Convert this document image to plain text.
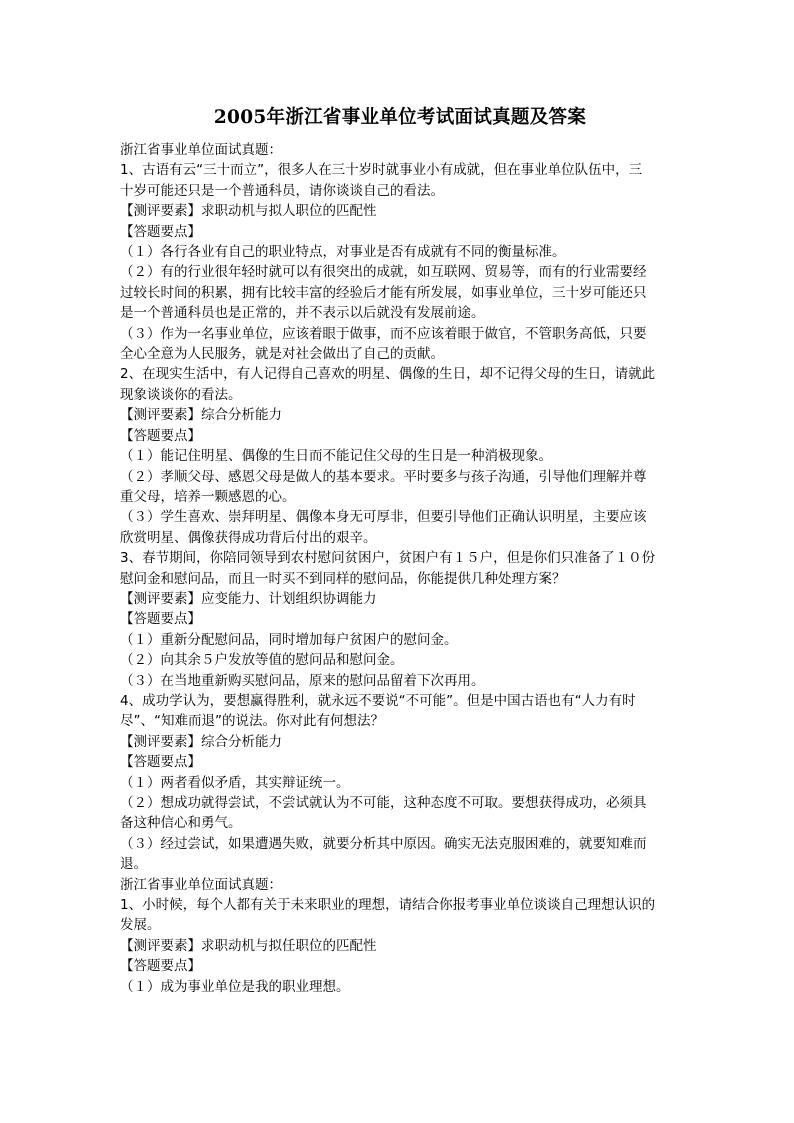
2005年浙江省事业单位考试面试真题及答案

浙江省事业单位面试真题：

1、古语有云“三十而立”，很多人在三十岁时就事业小有成就，但在事业单位队伍中，三

十岁可能还只是一个普通科员，请你谈谈自己的看法。

【测评要素】求职动机与拟人职位的匹配性

【答题要点】

（１）各行各业有自己的职业特点，对事业是否有成就有不同的衡量标准。

（２）有的行业很年轻时就可以有很突出的成就，如互联网、贸易等，而有的行业需要经

过较长时间的积累，拥有比较丰富的经验后才能有所发展，如事业单位，三十岁可能还只

是一个普通科员也是正常的，并不表示以后就没有发展前途。

（３）作为一名事业单位，应该着眼于做事，而不应该着眼于做官，不管职务高低，只要

全心全意为人民服务，就是对社会做出了自己的贡献。

2、在现实生活中，有人记得自己喜欢的明星、偶像的生日，却不记得父母的生日，请就此

现象谈谈你的看法。

【测评要素】综合分析能力

【答题要点】

（１）能记住明星、偶像的生日而不能记住父母的生日是一种消极现象。

（２）孝顺父母、感恩父母是做人的基本要求。平时要多与孩子沟通，引导他们理解并尊

重父母，培养一颗感恩的心。

（３）学生喜欢、崇拜明星、偶像本身无可厚非，但要引导他们正确认识明星，主要应该

欣赏明星、偶像获得成功背后付出的艰辛。

3、春节期间，你陪同领导到农村慰问贫困户，贫困户有１５户，但是你们只准备了１０份

慰问金和慰问品，而且一时买不到同样的慰问品，你能提供几种处理方案？

【测评要素】应变能力、计划组织协调能力

【答题要点】

（１）重新分配慰问品，同时增加每户贫困户的慰问金。

（２）向其余５户发放等值的慰问品和慰问金。

（３）在当地重新购买慰问品，原来的慰问品留着下次再用。

4、成功学认为，要想赢得胜利，就永远不要说“不可能”。但是中国古语也有“人力有时

尽”、“知难而退”的说法。你对此有何想法？

【测评要素】综合分析能力

【答题要点】

（１）两者看似矛盾，其实辩证统一。

（２）想成功就得尝试，不尝试就认为不可能，这种态度不可取。要想获得成功，必须具

备这种信心和勇气。

（３）经过尝试，如果遭遇失败，就要分析其中原因。确实无法克服困难的，就要知难而

退。

浙江省事业单位面试真题：

1、小时候，每个人都有关于未来职业的理想，请结合你报考事业单位谈谈自己理想认识的

发展。

【测评要素】求职动机与拟任职位的匹配性

【答题要点】

（１）成为事业单位是我的职业理想。
